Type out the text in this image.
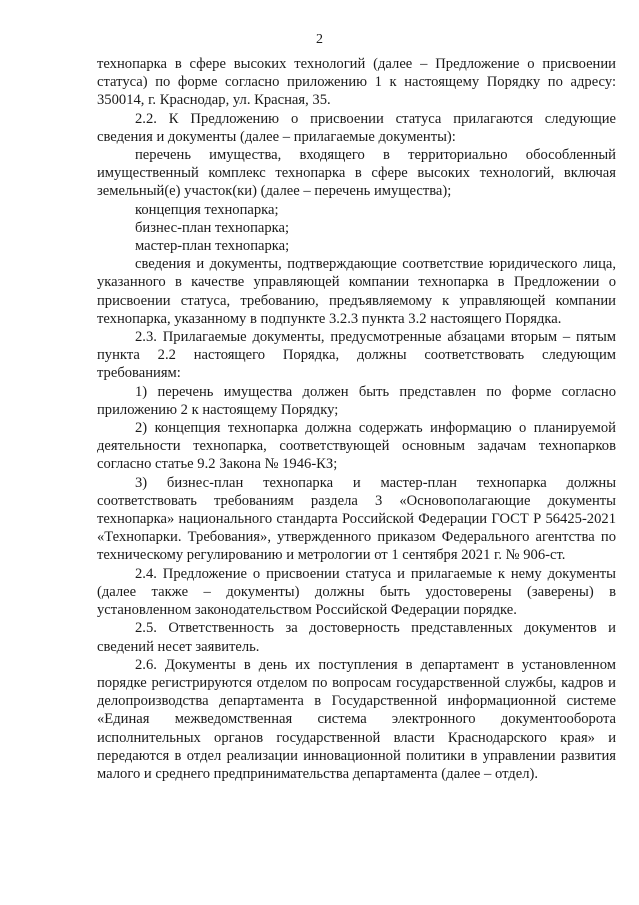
2

технопарка в сфере высоких технологий (далее – Предложение о присвоении статуса) по форме согласно приложению 1 к настоящему Порядку по адресу: 350014, г. Краснодар, ул. Красная, 35.

2.2. К Предложению о присвоении статуса прилагаются следующие сведения и документы (далее – прилагаемые документы):

перечень имущества, входящего в территориально обособленный имущественный комплекс технопарка в сфере высоких технологий, включая земельный(е) участок(ки) (далее – перечень имущества);

концепция технопарка;

бизнес-план технопарка;

мастер-план технопарка;

сведения и документы, подтверждающие соответствие юридического лица, указанного в качестве управляющей компании технопарка в Предложении о присвоении статуса, требованию, предъявляемому к управляющей компании технопарка, указанному в подпункте 3.2.3 пункта 3.2 настоящего Порядка.

2.3. Прилагаемые документы, предусмотренные абзацами вторым – пятым пункта 2.2 настоящего Порядка, должны соответствовать следующим требованиям:

1) перечень имущества должен быть представлен по форме согласно приложению 2 к настоящему Порядку;

2) концепция технопарка должна содержать информацию о планируемой деятельности технопарка, соответствующей основным задачам технопарков согласно статье 9.2 Закона № 1946-КЗ;

3) бизнес-план технопарка и мастер-план технопарка должны соответствовать требованиям раздела 3 «Основополагающие документы технопарка» национального стандарта Российской Федерации ГОСТ Р 56425-2021 «Технопарки. Требования», утвержденного приказом Федерального агентства по техническому регулированию и метрологии от 1 сентября 2021 г. № 906-ст.

2.4. Предложение о присвоении статуса и прилагаемые к нему документы (далее также – документы) должны быть удостоверены (заверены) в установленном законодательством Российской Федерации порядке.

2.5. Ответственность за достоверность представленных документов и сведений несет заявитель.

2.6. Документы в день их поступления в департамент в установленном порядке регистрируются отделом по вопросам государственной службы, кадров и делопроизводства департамента в Государственной информационной системе «Единая межведомственная система электронного документооборота исполнительных органов государственной власти Краснодарского края» и передаются в отдел реализации инновационной политики в управлении развития малого и среднего предпринимательства департамента (далее – отдел).
